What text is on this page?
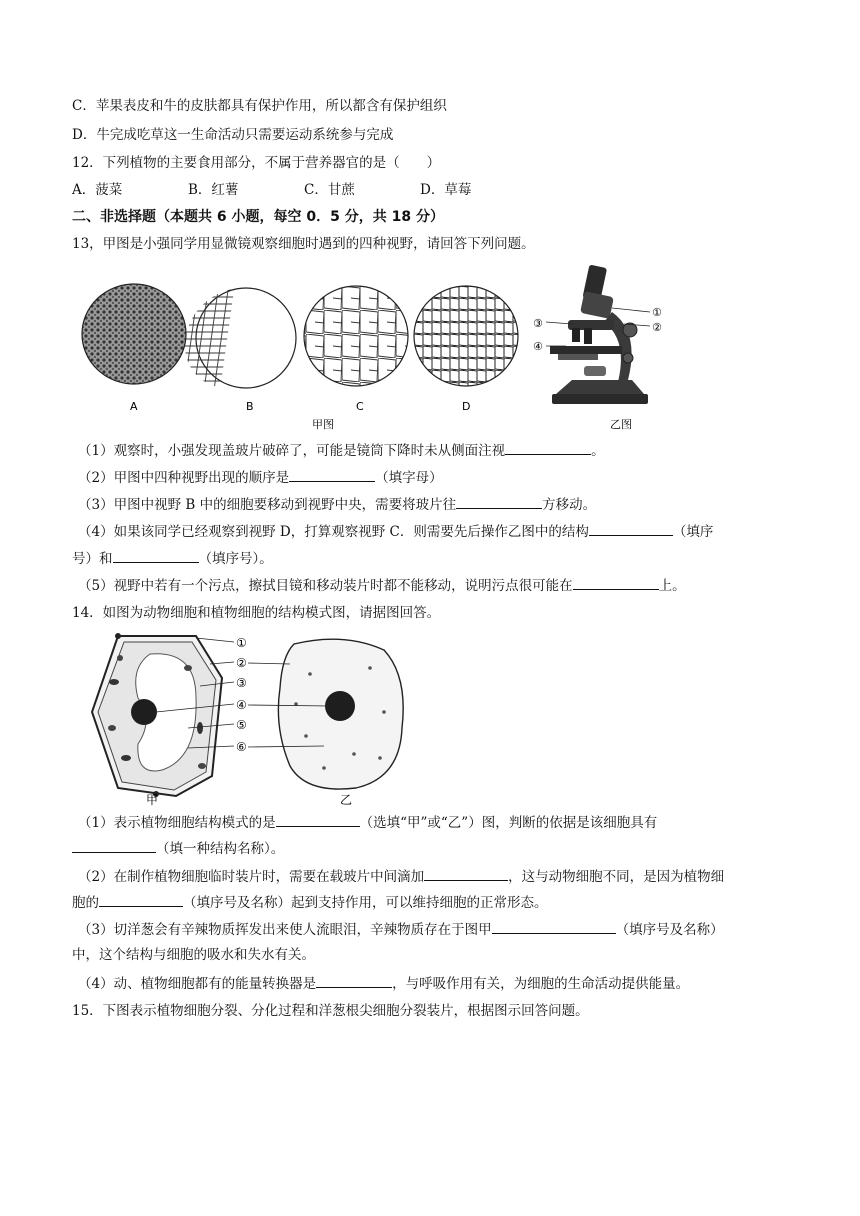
C．苹果表皮和牛的皮肤都具有保护作用，所以都含有保护组织
D．牛完成吃草这一生命活动只需要运动系统参与完成
12．下列植物的主要食用部分，不属于营养器官的是（　　）
A．菠菜	B．红薯	C．甘蔗	D．草莓
二、非选择题（本题共 6 小题，每空 0．5 分，共 18 分）
13，甲图是小强同学用显微镜观察细胞时遇到的四种视野，请回答下列问题。
A	B	C	D
甲图
①
②
③
④
乙图
（1）观察时，小强发现盖玻片破碎了，可能是镜筒下降时未从侧面注视	。
（2）甲图中四种视野出现的顺序是	（填字母）
（3）甲图中视野 B 中的细胞要移动到视野中央，需要将玻片往	方移动。
（4）如果该同学已经观察到视野 D，打算观察视野 C．则需要先后操作乙图中的结构	（填序
号）和	（填序号）。
（5）视野中若有一个污点，擦拭目镜和移动装片时都不能移动，说明污点很可能在	上。
14．如图为动物细胞和植物细胞的结构模式图，请据图回答。
①
②
③
④
⑤
⑥
甲	乙
（1）表示植物细胞结构模式的是	（选填“甲”或“乙”）图，判断的依据是该细胞具有
（填一种结构名称）。
（2）在制作植物细胞临时装片时，需要在载玻片中间滴加	，这与动物细胞不同，是因为植物细
胞的	（填序号及名称）起到支持作用，可以维持细胞的正常形态。
（3）切洋葱会有辛辣物质挥发出来使人流眼泪，辛辣物质存在于图甲	（填序号及名称）
中，这个结构与细胞的吸水和失水有关。
（4）动、植物细胞都有的能量转换器是	，与呼吸作用有关，为细胞的生命活动提供能量。
15．下图表示植物细胞分裂、分化过程和洋葱根尖细胞分裂装片，根据图示回答问题。
